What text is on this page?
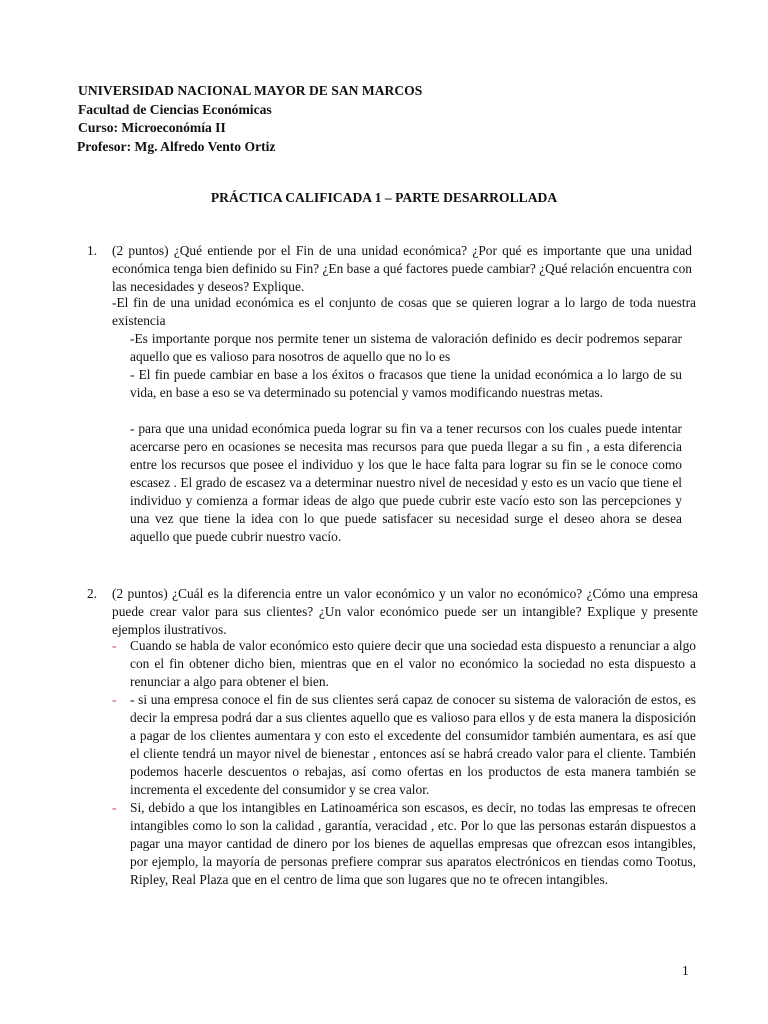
UNIVERSIDAD NACIONAL MAYOR DE SAN MARCOS
Facultad de Ciencias Económicas
Curso: Microeconómía II
Profesor: Mg. Alfredo Vento Ortiz
PRÁCTICA CALIFICADA 1 – PARTE DESARROLLADA
1. (2 puntos) ¿Qué entiende por el Fin de una unidad económica? ¿Por qué es importante que una unidad económica tenga bien definido su Fin? ¿En base a qué factores puede cambiar? ¿Qué relación encuentra con las necesidades y deseos? Explique.
-El fin de una unidad económica es el conjunto de cosas que se quieren lograr a lo largo de toda nuestra existencia
-Es importante porque nos permite tener un sistema de valoración definido es decir podremos separar aquello que es valioso para nosotros de aquello que no lo es
- El fin puede cambiar en base a los éxitos o fracasos que tiene la unidad económica a lo largo de su vida, en base a eso se va determinado su potencial y vamos modificando nuestras metas.
- para que una unidad económica pueda lograr su fin va a tener recursos con los cuales puede intentar acercarse pero en ocasiones se necesita mas recursos para que pueda llegar a su fin , a esta diferencia entre los recursos que posee el individuo y los que le hace falta para lograr su fin se le conoce como escasez . El grado de escasez va a determinar nuestro nivel de necesidad y esto es un vacío que tiene el individuo y comienza a formar ideas de algo que puede cubrir este vacío esto son las percepciones y una vez que tiene la idea con lo que puede satisfacer su necesidad surge el deseo ahora se desea aquello que puede cubrir nuestro vacío.
2. (2 puntos) ¿Cuál es la diferencia entre un valor económico y un valor no económico? ¿Cómo una empresa puede crear valor para sus clientes? ¿Un valor económico puede ser un intangible? Explique y presente ejemplos ilustrativos.
- Cuando se habla de valor económico esto quiere decir que una sociedad esta dispuesto a renunciar a algo con el fin obtener dicho bien, mientras que en el valor no económico la sociedad no esta dispuesto a renunciar a algo para obtener el bien.
- - si una empresa conoce el fin de sus clientes será capaz de conocer su sistema de valoración de estos, es decir la empresa podrá dar a sus clientes aquello que es valioso para ellos y de esta manera la disposición a pagar de los clientes aumentara y con esto el excedente del consumidor también aumentara, es así que el cliente tendrá un mayor nivel de bienestar , entonces así se habrá creado valor para el cliente. También podemos hacerle descuentos o rebajas, así como ofertas en los productos de esta manera también se incrementa el excedente del consumidor y se crea valor.
- Si, debido a que los intangibles en Latinoamérica son escasos, es decir, no todas las empresas te ofrecen intangibles como lo son la calidad , garantía, veracidad , etc. Por lo que las personas estarán dispuestos a pagar una mayor cantidad de dinero por los bienes de aquellas empresas que ofrezcan esos intangibles, por ejemplo, la mayoría de personas prefiere comprar sus aparatos electrónicos en tiendas como Tootus, Ripley, Real Plaza que en el centro de lima que son lugares que no te ofrecen intangibles.
1
